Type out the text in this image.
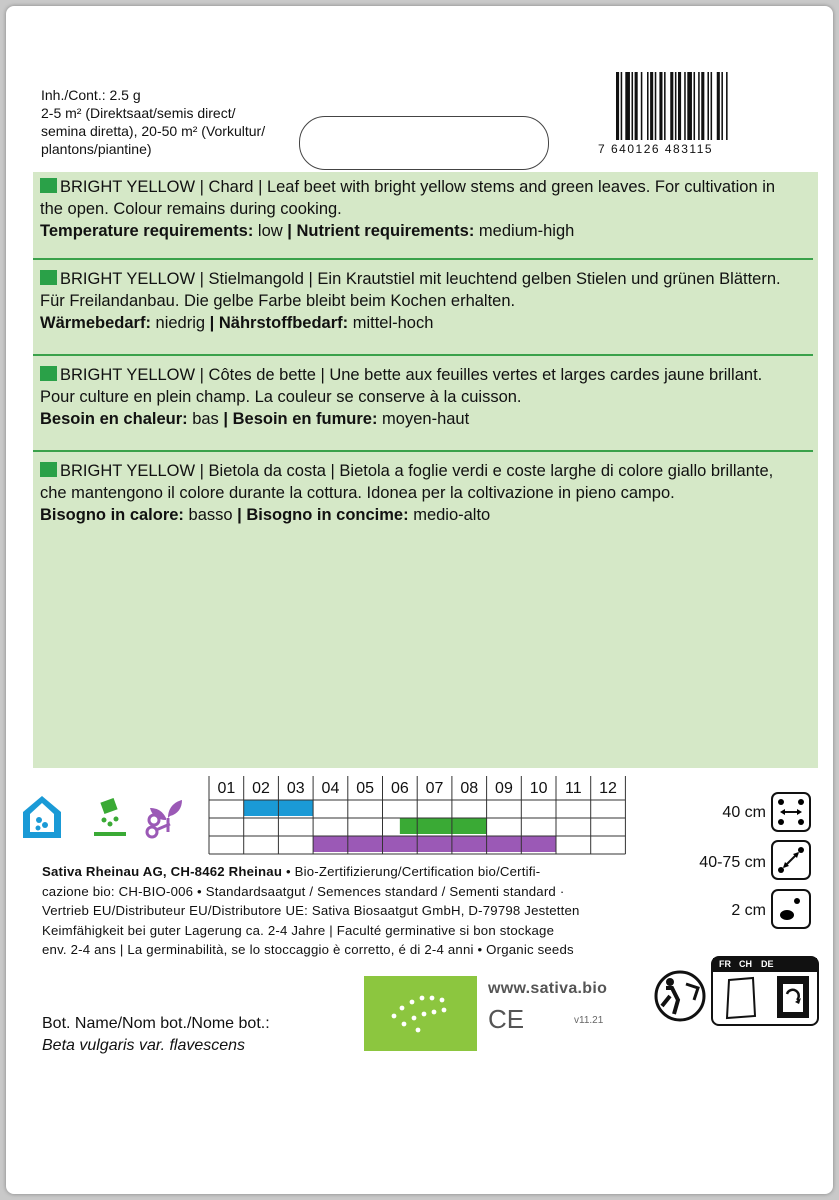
Inh./Cont.: 2.5 g
2-5 m² (Direktsaat/semis direct/
semina diretta), 20-50 m² (Vorkultur/
plantons/piantine)	7 640126 483115
BRIGHT YELLOW | Chard | Leaf beet with bright yellow stems and green leaves. For cultivation in the open. Colour remains during cooking.
Temperature requirements: low | Nutrient requirements: medium-high
BRIGHT YELLOW | Stielmangold | Ein Krautstiel mit leuchtend gelben Stielen und grünen Blättern. Für Freilandanbau. Die gelbe Farbe bleibt beim Kochen erhalten.
Wärmebedarf: niedrig | Nährstoffbedarf: mittel-hoch
BRIGHT YELLOW | Côtes de bette | Une bette aux feuilles vertes et larges cardes jaune brillant. Pour culture en plein champ. La couleur se conserve à la cuisson.
Besoin en chaleur: bas | Besoin en fumure: moyen-haut
BRIGHT YELLOW | Bietola da costa | Bietola a foglie verdi e coste larghe di colore giallo brillante, che mantengono il colore durante la cottura. Idonea per la coltivazione in pieno campo.
Bisogno in calore: basso | Bisogno in concime: medio-alto
01 02 03 04 05 06 07 08 09 10 11 12
40 cm
40-75 cm
2 cm
Sativa Rheinau AG, CH-8462 Rheinau • Bio-Zertifizierung/Certification bio/Certifi-
cazione bio: CH-BIO-006 • Standardsaatgut / Semences standard / Sementi standard ·
Vertrieb EU/Distributeur EU/Distributore UE: Sativa Biosaatgut GmbH, D-79798 Jestetten
Keimfähigkeit bei guter Lagerung ca. 2-4 Jahre | Faculté germinative si bon stockage
env. 2-4 ans | La germinabilità, se lo stoccaggio è corretto, é di 2-4 anni • Organic seeds
Bot. Name/Nom bot./Nome bot.:
Beta vulgaris var. flavescens
www.sativa.bio
CE	v11.21
FR CH DE
